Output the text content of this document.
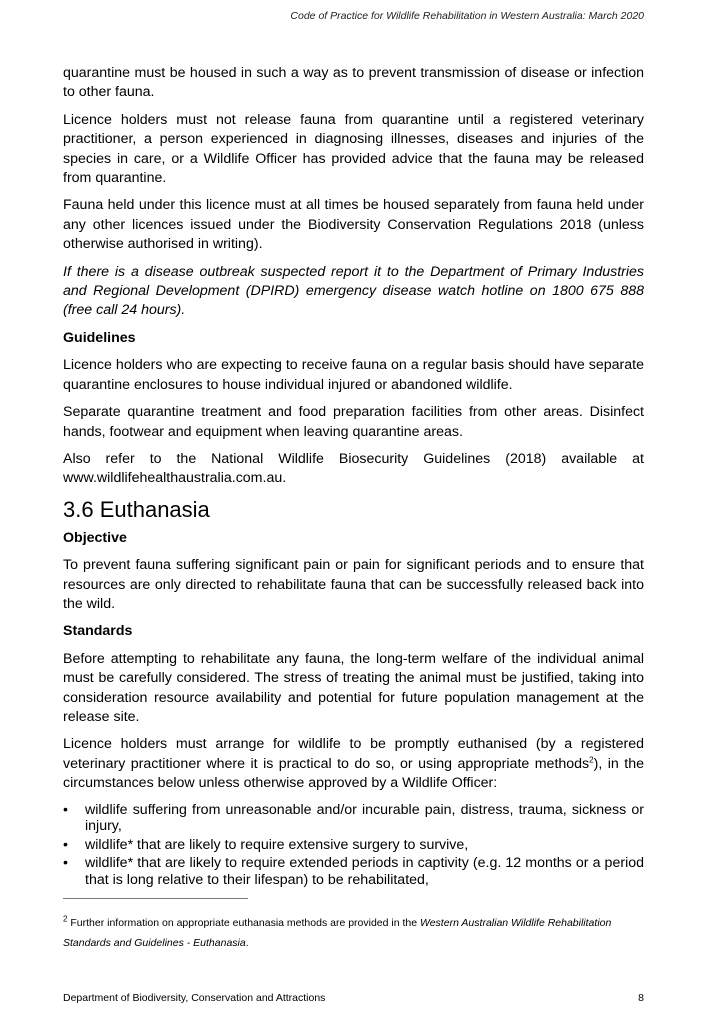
Code of Practice for Wildlife Rehabilitation in Western Australia: March 2020

quarantine must be housed in such a way as to prevent transmission of disease or infection to other fauna.

Licence holders must not release fauna from quarantine until a registered veterinary practitioner, a person experienced in diagnosing illnesses, diseases and injuries of the species in care, or a Wildlife Officer has provided advice that the fauna may be released from quarantine.

Fauna held under this licence must at all times be housed separately from fauna held under any other licences issued under the Biodiversity Conservation Regulations 2018 (unless otherwise authorised in writing).

If there is a disease outbreak suspected report it to the Department of Primary Industries and Regional Development (DPIRD) emergency disease watch hotline on 1800 675 888 (free call 24 hours).

Guidelines

Licence holders who are expecting to receive fauna on a regular basis should have separate quarantine enclosures to house individual injured or abandoned wildlife.

Separate quarantine treatment and food preparation facilities from other areas. Disinfect hands, footwear and equipment when leaving quarantine areas.

Also refer to the National Wildlife Biosecurity Guidelines (2018) available at www.wildlifehealthaustralia.com.au.

3.6 Euthanasia
Objective

To prevent fauna suffering significant pain or pain for significant periods and to ensure that resources are only directed to rehabilitate fauna that can be successfully released back into the wild.

Standards

Before attempting to rehabilitate any fauna, the long-term welfare of the individual animal must be carefully considered. The stress of treating the animal must be justified, taking into consideration resource availability and potential for future population management at the release site.

Licence holders must arrange for wildlife to be promptly euthanised (by a registered veterinary practitioner where it is practical to do so, or using appropriate methods$^2$), in the circumstances below unless otherwise approved by a Wildlife Officer:

• wildlife suffering from unreasonable and/or incurable pain, distress, trauma, sickness or injury,
• wildlife* that are likely to require extensive surgery to survive,
• wildlife* that are likely to require extended periods in captivity (e.g. 12 months or a period that is long relative to their lifespan) to be rehabilitated,
$^2$ Further information on appropriate euthanasia methods are provided in the Western Australian Wildlife Rehabilitation Standards and Guidelines - Euthanasia.
Department of Biodiversity, Conservation and Attractions	8
